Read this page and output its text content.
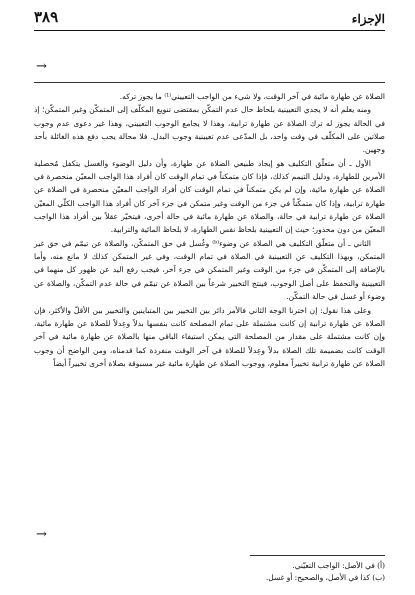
٣٨٩	الإجزاء
→

الصلاة عن طهارة مائية في آخر الوقت، ولا شيء من الواجب التعييني⁽¹⁾ ما يجوز تركه.

ومنه يعلم أنه لا يجدي التعيينية بلحاظ حال عدم التمكّن بمقتضى تنويع المكلّف إلى المتمكّن وغير المتمكّن؛ إذ في الحالة يجوز له ترك الصلاة عن طهارة ترابية، وهذا لا يجامع الوجوب التعييني، وهذا غير دعوى عدم وجوب صلاتين على المكلّف في وقت واحد، بل المدّعى عدم تعيينية وجوب البدل. فلا محالة يجب دفع هذه الغائلة بأحد وجهين.

الأول ـ أن متعلّق التكليف هو إيجاد طبيعي الصلاة عن طهارة، وأن دليل الوضوء والغسل يتكفل مُحصلية الأمرين للطهارة، ودليل التيمم كذلك، فإذا كان متمكناً في تمام الوقت كان أفراد هذا الواجب المعيّن منحصرة في الصلاة عن طهارة مائية، وإن لم يكن متمكناً في تمام الوقت كان أفراد الواجب المعيّن منحصرة في الصلاة عن طهارة ترابية، وإذا كان متمكّناً في جزء من الوقت وغير متمكن في جزء آخر كان أفراد هذا الواجب الكلّي المعيّن الصلاة عن طهارة ترابية في حالة، والصلاة عن طهارة مائية في حالة أخرى، فيتخيّر عقلاً بين أفراد هذا الواجب المعيّن من دون محذور؛ حيث إن التعيينية بلحاظ نفس الطهارة، لا بلحاظ المائية والترابية.

الثاني ـ أن متعلّق التكليف هي الصلاة عن وضوء⁽ᵇ⁾ وغُسل في حق المتمكّن، والصلاة عن تيمّم في حق غير المتمكن، وبهذا التكليف عن التعيينية في الصلاة في تمام الوقت، وفي غير المتمكن كذلك لا مانع منه، وأما بالإضافة إلى المتمكّن في جزء من الوقت وغير المتمكن في جزء آخر، فيجب رفع اليد عن ظهور كل منهما في التعيينية والتحفظ على أصل الوجوب، فينتج التخيير شرعاً بين الصلاة عن تيمّم في حالة عدم التمكّن، والصلاة عن وضوء أو غسل في حالة التمكّن.

وعلى هذا نقول: إن اخترنا الوجه الثاني فالأمر دائر بين التخيير بين المتباينين والتخيير بين الأقلّ والأكثر، فإن الصلاة عن طهارة ترابية إن كانت مشتملة على تمام المصلحة كانت بنفسها بدلاً وعِدلاً للصلاة عن طهارة مائية، وإن كانت مشتملة على مقدار من المصلحة التي يمكن استيفاء الباقي منها بالصلاة عن طهارة مائية في آخر الوقت كانت بضميمة تلك الصلاة بدلاً وعِدلاً للصلاة في آخر الوقت منفردة كما قدمناه، ومن الواضح أن وجوب الصلاة عن طهارة ترابية تخييراً معلوم، ووجوب الصلاة عن طهارة مائية غير مسبوقة بصلاة أخرى تخييراً أيضاً

→

(أ) في الأصل: الواجب التعيّني.

(ب) كذا في الأصل، والصحيح: أو غسل.
